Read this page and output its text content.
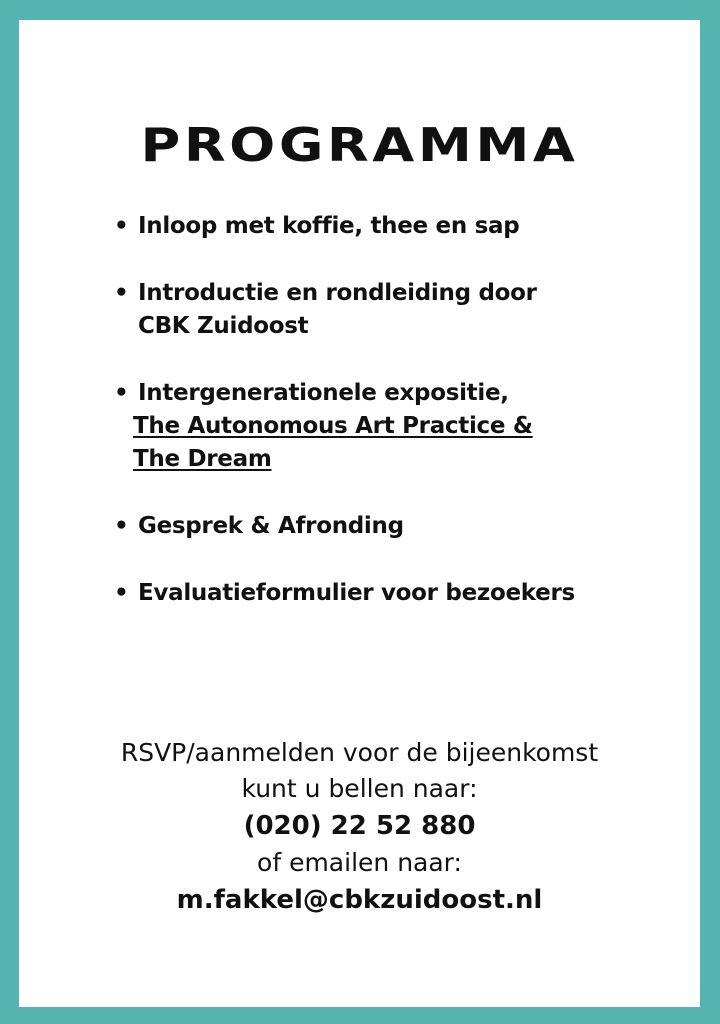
PROGRAMMA
• Inloop met koffie, thee en sap
• Introductie en rondleiding door
CBK Zuidoost
• Intergenerationele expositie,
The Autonomous Art Practice &
The Dream
• Gesprek & Afronding
• Evaluatieformulier voor bezoekers
RSVP/aanmelden voor de bijeenkomst
kunt u bellen naar:
(020) 22 52 880
of emailen naar:
m.fakkel@cbkzuidoost.nl
